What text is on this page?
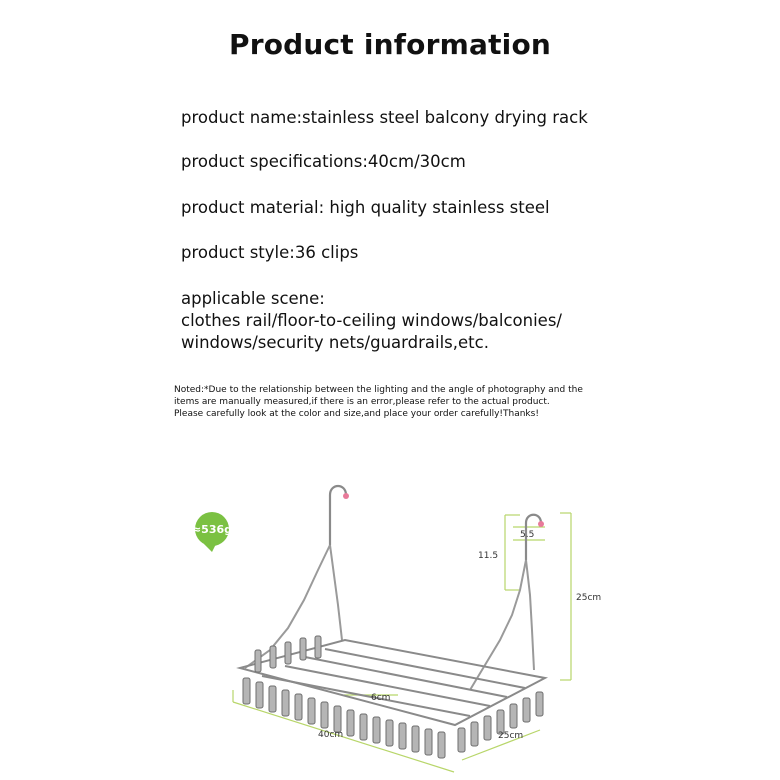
Product information
product name:stainless steel balcony drying rack
product specifications:40cm/30cm
product material: high quality stainless steel
product style:36 clips
applicable scene:
clothes rail/floor-to-ceiling windows/balconies/
windows/security nets/guardrails,etc.
Noted:*Due to the relationship between the lighting and the angle of photography and the
items are manually measured,if there is an error,please refer to the actual product.
Please carefully look at the color and size,and place your order carefully!Thanks!
≈536g	5.5
11.5
25cm
6cm
40cm	25cm
